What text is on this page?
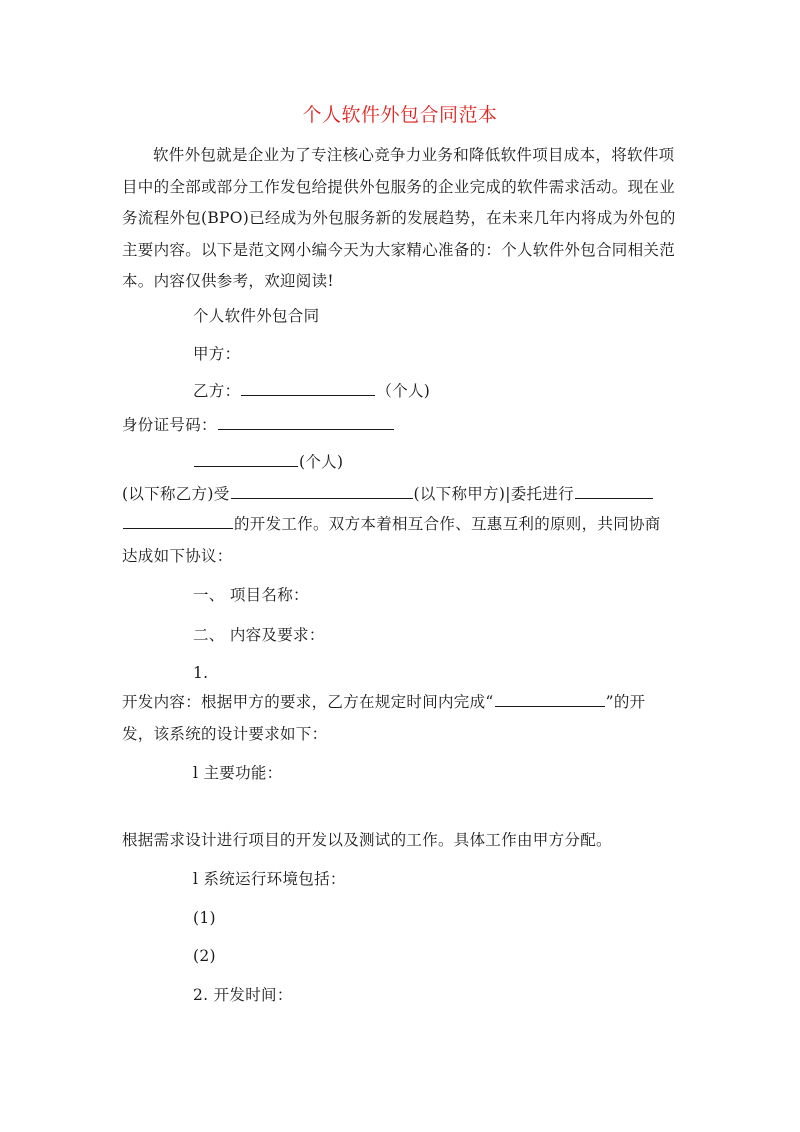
个人软件外包合同范本

软件外包就是企业为了专注核心竞争力业务和降低软件项目成本，将软件项目中的全部或部分工作发包给提供外包服务的企业完成的软件需求活动。现在业务流程外包(BPO)已经成为外包服务新的发展趋势，在未来几年内将成为外包的主要内容。以下是范文网小编今天为大家精心准备的：个人软件外包合同相关范本。内容仅供参考，欢迎阅读!

个人软件外包合同
甲方：
乙方：	（个人)
身份证号码：
(个人)
(以下称乙方)受	(以下称甲方)|委托进行
的开发工作。双方本着相互合作、互惠互利的原则，共同协商
达成如下协议：
一、 项目名称：
二、 内容及要求：
1.
开发内容：根据甲方的要求，乙方在规定时间内完成“	”的开
发，该系统的设计要求如下：
l 主要功能：
根据需求设计进行项目的开发以及测试的工作。具体工作由甲方分配。
l 系统运行环境包括：
(1)
(2)
2. 开发时间：
